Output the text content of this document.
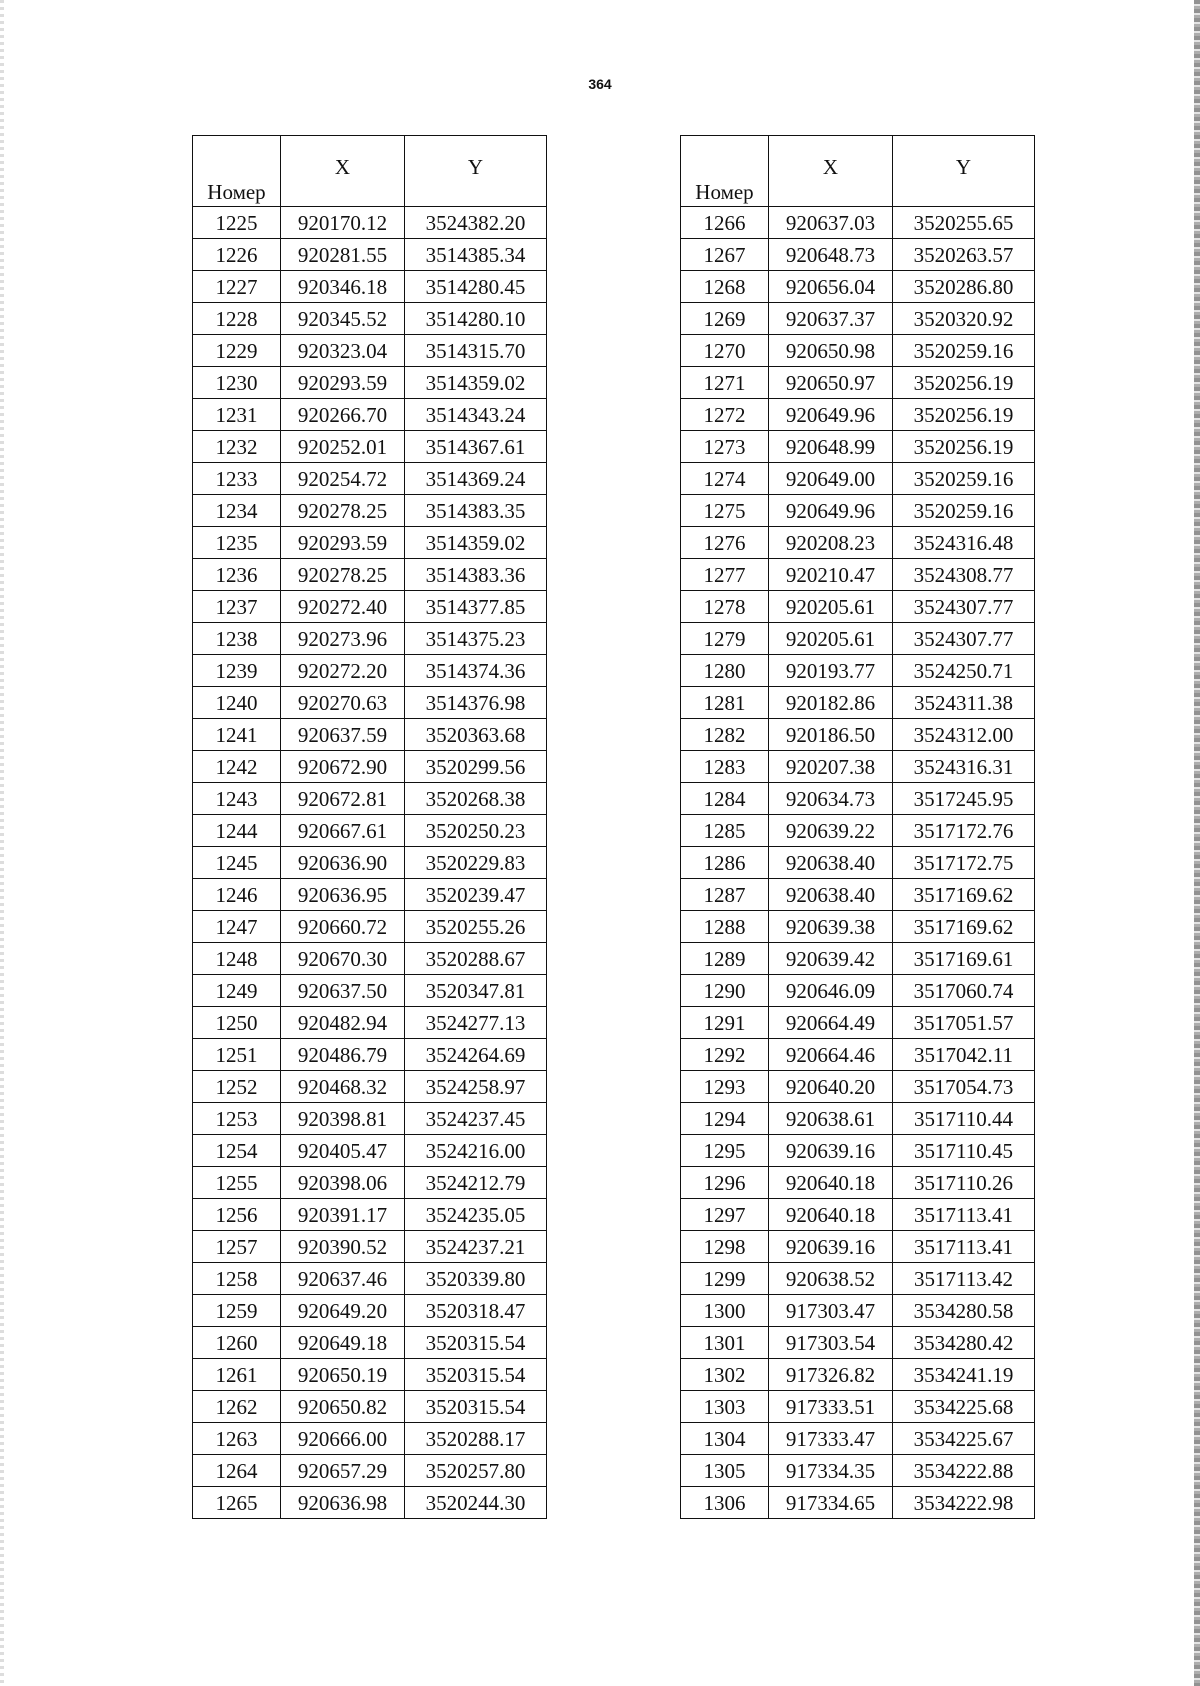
364
Номер	X	Y
1225	920170.12	3524382.20
1226	920281.55	3514385.34
1227	920346.18	3514280.45
1228	920345.52	3514280.10
1229	920323.04	3514315.70
1230	920293.59	3514359.02
1231	920266.70	3514343.24
1232	920252.01	3514367.61
1233	920254.72	3514369.24
1234	920278.25	3514383.35
1235	920293.59	3514359.02
1236	920278.25	3514383.36
1237	920272.40	3514377.85
1238	920273.96	3514375.23
1239	920272.20	3514374.36
1240	920270.63	3514376.98
1241	920637.59	3520363.68
1242	920672.90	3520299.56
1243	920672.81	3520268.38
1244	920667.61	3520250.23
1245	920636.90	3520229.83
1246	920636.95	3520239.47
1247	920660.72	3520255.26
1248	920670.30	3520288.67
1249	920637.50	3520347.81
1250	920482.94	3524277.13
1251	920486.79	3524264.69
1252	920468.32	3524258.97
1253	920398.81	3524237.45
1254	920405.47	3524216.00
1255	920398.06	3524212.79
1256	920391.17	3524235.05
1257	920390.52	3524237.21
1258	920637.46	3520339.80
1259	920649.20	3520318.47
1260	920649.18	3520315.54
1261	920650.19	3520315.54
1262	920650.82	3520315.54
1263	920666.00	3520288.17
1264	920657.29	3520257.80
1265	920636.98	3520244.30
Номер	X	Y
1266	920637.03	3520255.65
1267	920648.73	3520263.57
1268	920656.04	3520286.80
1269	920637.37	3520320.92
1270	920650.98	3520259.16
1271	920650.97	3520256.19
1272	920649.96	3520256.19
1273	920648.99	3520256.19
1274	920649.00	3520259.16
1275	920649.96	3520259.16
1276	920208.23	3524316.48
1277	920210.47	3524308.77
1278	920205.61	3524307.77
1279	920205.61	3524307.77
1280	920193.77	3524250.71
1281	920182.86	3524311.38
1282	920186.50	3524312.00
1283	920207.38	3524316.31
1284	920634.73	3517245.95
1285	920639.22	3517172.76
1286	920638.40	3517172.75
1287	920638.40	3517169.62
1288	920639.38	3517169.62
1289	920639.42	3517169.61
1290	920646.09	3517060.74
1291	920664.49	3517051.57
1292	920664.46	3517042.11
1293	920640.20	3517054.73
1294	920638.61	3517110.44
1295	920639.16	3517110.45
1296	920640.18	3517110.26
1297	920640.18	3517113.41
1298	920639.16	3517113.41
1299	920638.52	3517113.42
1300	917303.47	3534280.58
1301	917303.54	3534280.42
1302	917326.82	3534241.19
1303	917333.51	3534225.68
1304	917333.47	3534225.67
1305	917334.35	3534222.88
1306	917334.65	3534222.98
